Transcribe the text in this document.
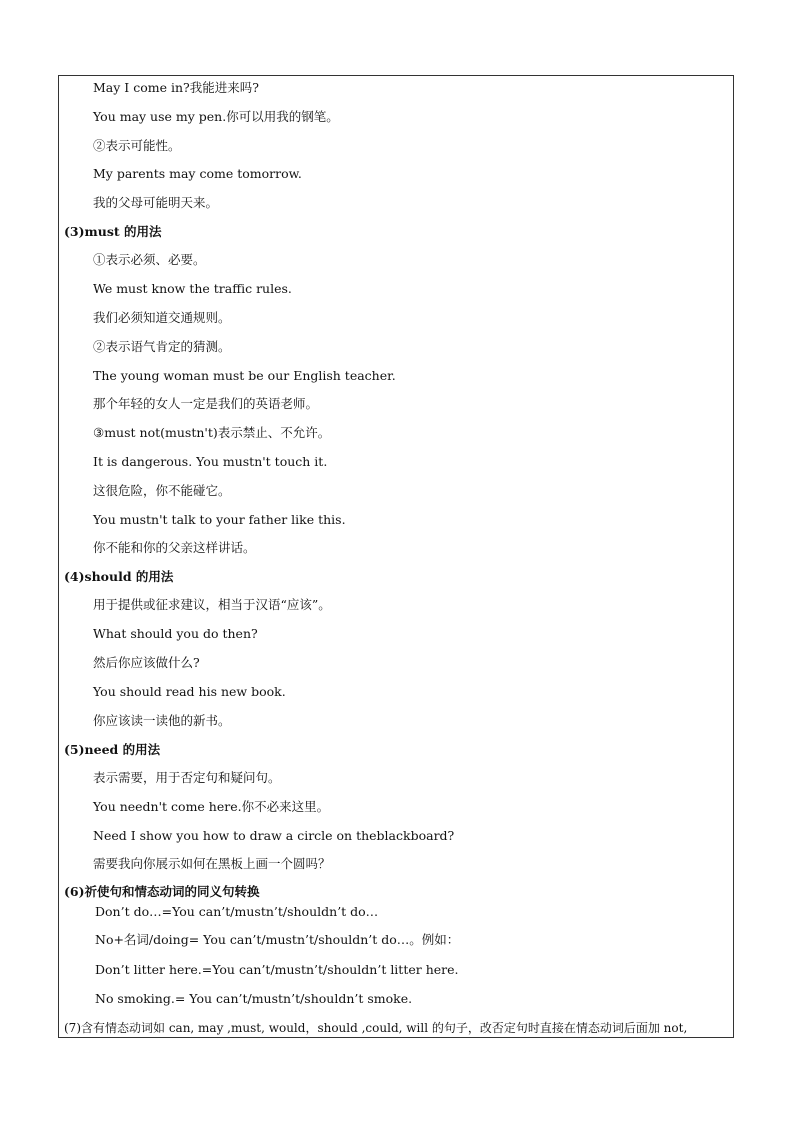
May I come in?我能进来吗?
You may use my pen.你可以用我的钢笔。
②表示可能性。
My parents may come tomorrow.
我的父母可能明天来。
(3)must 的用法
①表示必须、必要。
We must know the traffic rules.
我们必须知道交通规则。
②表示语气肯定的猜测。
The young woman must be our English teacher.
那个年轻的女人一定是我们的英语老师。
③must not(mustn't)表示禁止、不允许。
It is dangerous. You mustn't touch it.
这很危险，你不能碰它。
You mustn't talk to your father like this.
你不能和你的父亲这样讲话。
(4)should 的用法
用于提供或征求建议，相当于汉语“应该”。
What should you do then?
然后你应该做什么?
You should read his new book.
你应该读一读他的新书。
(5)need 的用法
表示需要，用于否定句和疑问句。
You needn't come here.你不必来这里。
Need I show you how to draw a circle on theblackboard?
需要我向你展示如何在黑板上画一个圆吗？
(6)祈使句和情态动词的同义句转换
Don’t do…=You can’t/mustn’t/shouldn’t do…
No+名词/doing= You can’t/mustn’t/shouldn’t do…。例如：
Don’t litter here.=You can’t/mustn’t/shouldn’t litter here.
No smoking.= You can’t/mustn’t/shouldn’t smoke.
(7)含有情态动词如 can, may ,must, would，should ,could, will 的句子，改否定句时直接在情态动词后面加 not,
